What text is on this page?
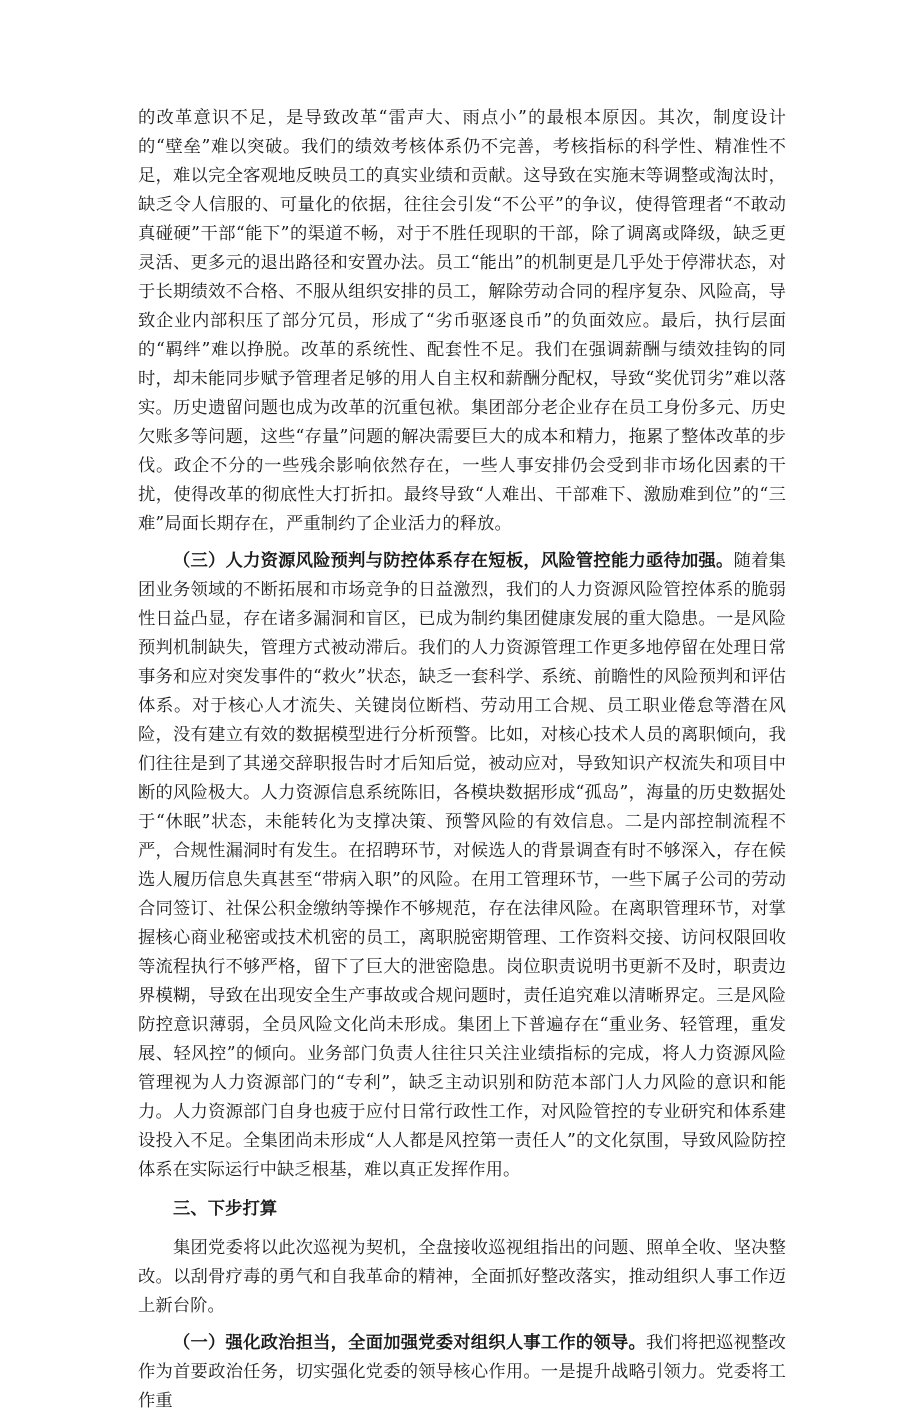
的改革意识不足，是导致改革“雷声大、雨点小”的最根本原因。其次，制度设计的“壁垒”难以突破。我们的绩效考核体系仍不完善，考核指标的科学性、精准性不足，难以完全客观地反映员工的真实业绩和贡献。这导致在实施末等调整或淘汰时，缺乏令人信服的、可量化的依据，往往会引发“不公平”的争议，使得管理者“不敢动真碰硬”干部“能下”的渠道不畅，对于不胜任现职的干部，除了调离或降级，缺乏更灵活、更多元的退出路径和安置办法。员工“能出”的机制更是几乎处于停滞状态，对于长期绩效不合格、不服从组织安排的员工，解除劳动合同的程序复杂、风险高，导致企业内部积压了部分冗员，形成了“劣币驱逐良币”的负面效应。最后，执行层面的“羁绊”难以挣脱。改革的系统性、配套性不足。我们在强调薪酬与绩效挂钩的同时，却未能同步赋予管理者足够的用人自主权和薪酬分配权，导致“奖优罚劣”难以落实。历史遗留问题也成为改革的沉重包袱。集团部分老企业存在员工身份多元、历史欠账多等问题，这些“存量”问题的解决需要巨大的成本和精力，拖累了整体改革的步伐。政企不分的一些残余影响依然存在，一些人事安排仍会受到非市场化因素的干扰，使得改革的彻底性大打折扣。最终导致“人难出、干部难下、激励难到位”的“三难”局面长期存在，严重制约了企业活力的释放。

（三）人力资源风险预判与防控体系存在短板，风险管控能力亟待加强。随着集团业务领域的不断拓展和市场竞争的日益激烈，我们的人力资源风险管控体系的脆弱性日益凸显，存在诸多漏洞和盲区，已成为制约集团健康发展的重大隐患。一是风险预判机制缺失，管理方式被动滞后。我们的人力资源管理工作更多地停留在处理日常事务和应对突发事件的“救火”状态，缺乏一套科学、系统、前瞻性的风险预判和评估体系。对于核心人才流失、关键岗位断档、劳动用工合规、员工职业倦怠等潜在风险，没有建立有效的数据模型进行分析预警。比如，对核心技术人员的离职倾向，我们往往是到了其递交辞职报告时才后知后觉，被动应对，导致知识产权流失和项目中断的风险极大。人力资源信息系统陈旧，各模块数据形成“孤岛”，海量的历史数据处于“休眠”状态，未能转化为支撑决策、预警风险的有效信息。二是内部控制流程不严，合规性漏洞时有发生。在招聘环节，对候选人的背景调查有时不够深入，存在候选人履历信息失真甚至“带病入职”的风险。在用工管理环节，一些下属子公司的劳动合同签订、社保公积金缴纳等操作不够规范，存在法律风险。在离职管理环节，对掌握核心商业秘密或技术机密的员工，离职脱密期管理、工作资料交接、访问权限回收等流程执行不够严格，留下了巨大的泄密隐患。岗位职责说明书更新不及时，职责边界模糊，导致在出现安全生产事故或合规问题时，责任追究难以清晰界定。三是风险防控意识薄弱，全员风险文化尚未形成。集团上下普遍存在“重业务、轻管理，重发展、轻风控”的倾向。业务部门负责人往往只关注业绩指标的完成，将人力资源风险管理视为人力资源部门的“专利”，缺乏主动识别和防范本部门人力风险的意识和能力。人力资源部门自身也疲于应付日常行政性工作，对风险管控的专业研究和体系建设投入不足。全集团尚未形成“人人都是风控第一责任人”的文化氛围，导致风险防控体系在实际运行中缺乏根基，难以真正发挥作用。

三、下步打算

集团党委将以此次巡视为契机，全盘接收巡视组指出的问题、照单全收、坚决整改。以刮骨疗毒的勇气和自我革命的精神，全面抓好整改落实，推动组织人事工作迈上新台阶。

（一）强化政治担当，全面加强党委对组织人事工作的领导。我们将把巡视整改作为首要政治任务，切实强化党委的领导核心作用。一是提升战略引领力。党委将工作重
